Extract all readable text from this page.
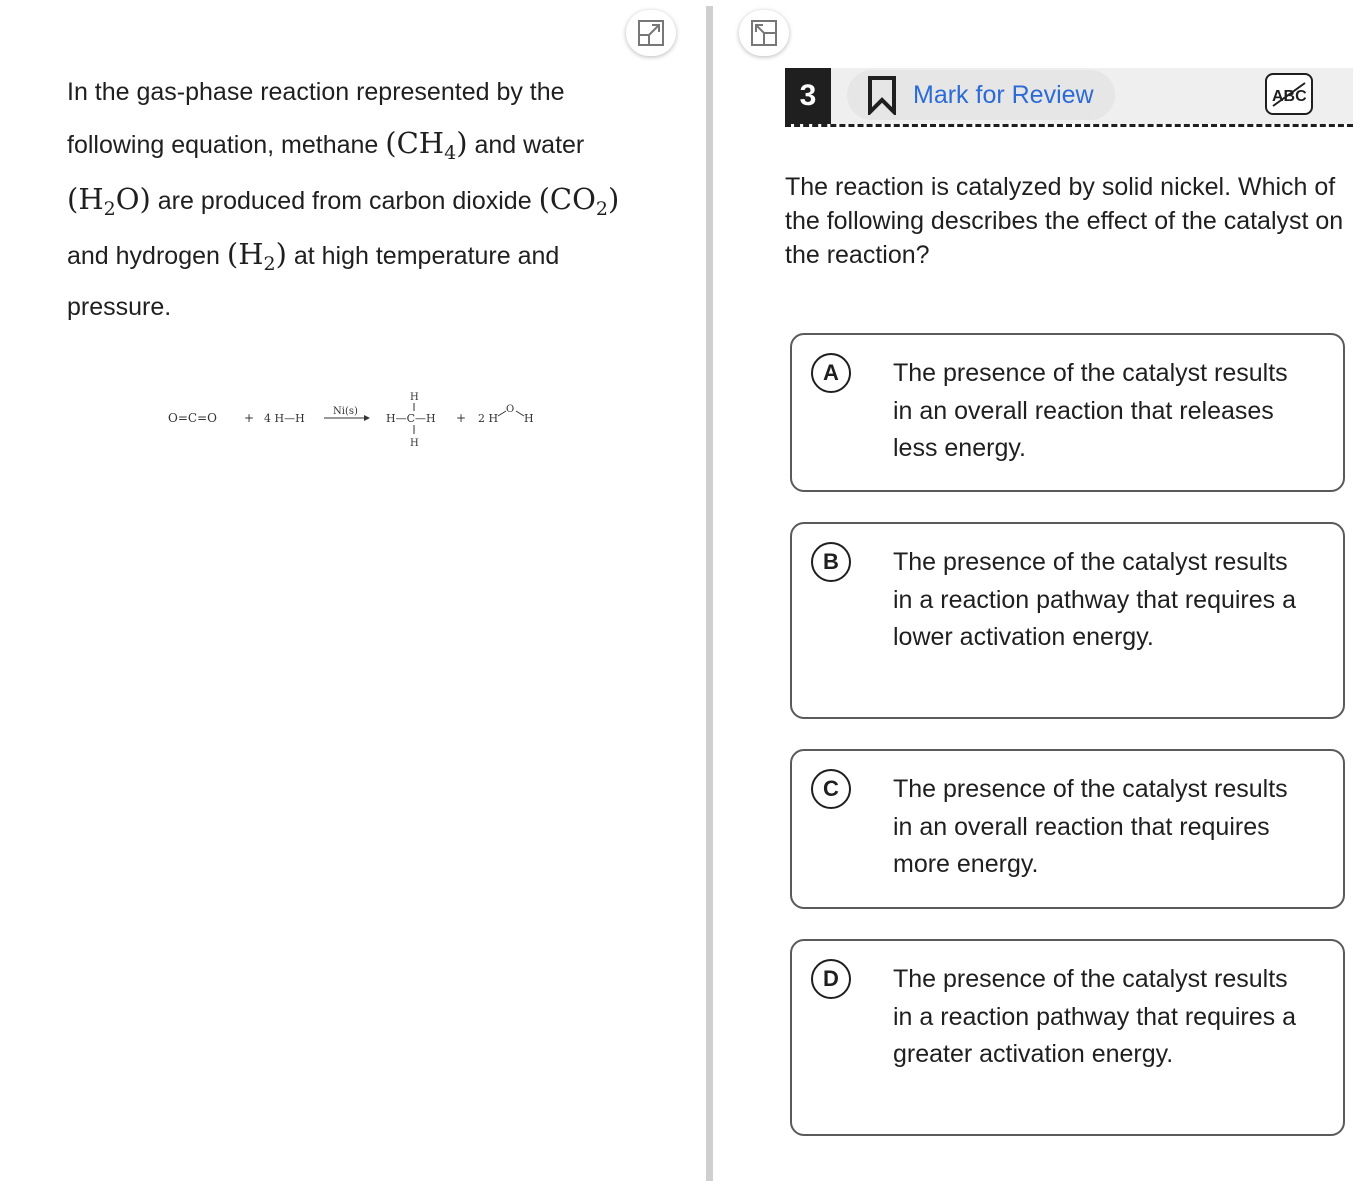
In the gas-phase reaction represented by the

following equation, methane $(CH_4)$ and water

$(H_2O)$ are produced from carbon dioxide $(CO_2)$

and hydrogen $(H_2)$ at high temperature and

pressure.

O=C=O + 4 H—H
Ni(s)
H
H—C—H
H
+ 2 H
O
H
3	Mark for Review	ABC
The reaction is catalyzed by solid nickel. Which of the following describes the effect of the catalyst on the reaction?
A	The presence of the catalyst results in an overall reaction that releases less energy.
B	The presence of the catalyst results in a reaction pathway that requires a lower activation energy.
C	The presence of the catalyst results in an overall reaction that requires more energy.
D	The presence of the catalyst results in a reaction pathway that requires a greater activation energy.
